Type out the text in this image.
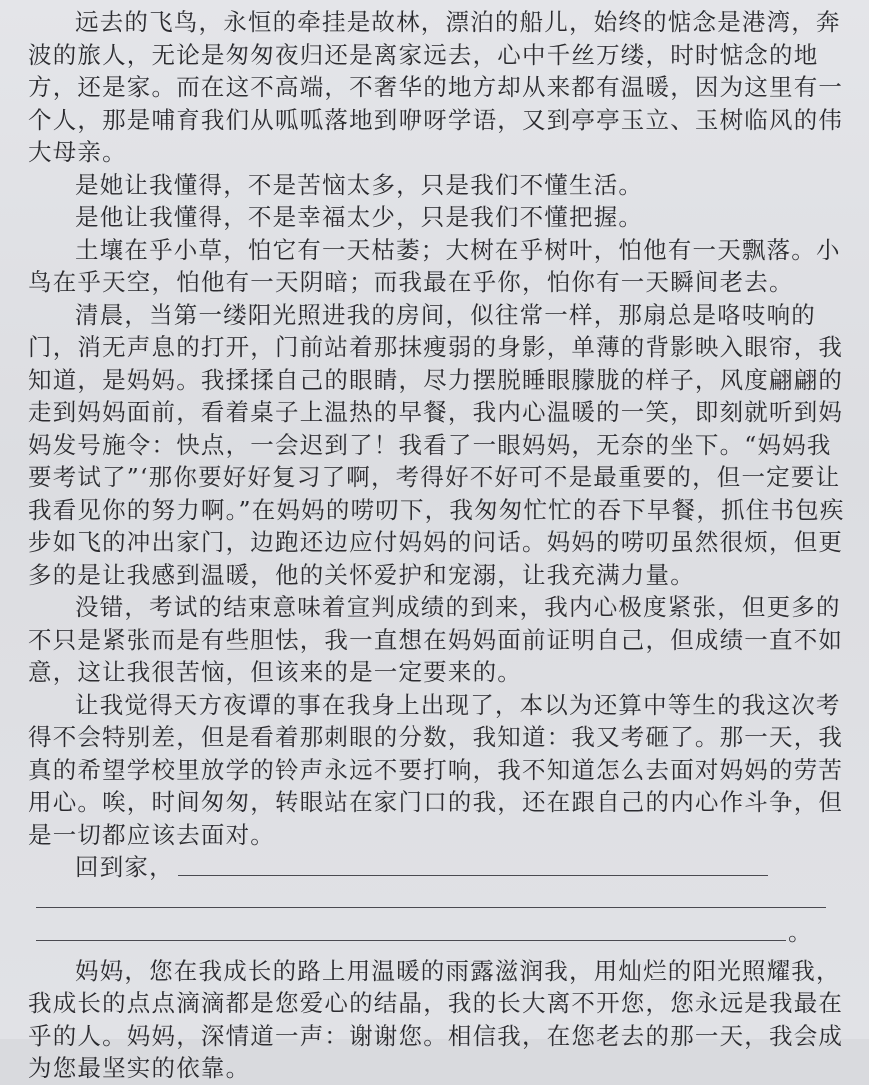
远去的飞鸟，永恒的牵挂是故林，漂泊的船儿，始终的惦念是港湾，奔波的旅人，无论是匆匆夜归还是离家远去，心中千丝万缕，时时惦念的地方，还是家。而在这不高端，不奢华的地方却从来都有温暖，因为这里有一个人，那是哺育我们从呱呱落地到咿呀学语，又到亭亭玉立、玉树临风的伟大母亲。

是她让我懂得，不是苦恼太多，只是我们不懂生活。

是他让我懂得，不是幸福太少，只是我们不懂把握。

土壤在乎小草，怕它有一天枯萎；大树在乎树叶，怕他有一天飘落。小鸟在乎天空，怕他有一天阴暗；而我最在乎你，怕你有一天瞬间老去。

清晨，当第一缕阳光照进我的房间，似往常一样，那扇总是咯吱响的门，消无声息的打开，门前站着那抹瘦弱的身影，单薄的背影映入眼帘，我知道，是妈妈。我揉揉自己的眼睛，尽力摆脱睡眼朦胧的样子，风度翩翩的走到妈妈面前，看着桌子上温热的早餐，我内心温暖的一笑，即刻就听到妈妈发号施令：快点，一会迟到了！我看了一眼妈妈，无奈的坐下。“妈妈我要考试了”‘那你要好好复习了啊，考得好不好可不是最重要的，但一定要让我看见你的努力啊。”在妈妈的唠叨下，我匆匆忙忙的吞下早餐，抓住书包疾步如飞的冲出家门，边跑还边应付妈妈的问话。妈妈的唠叨虽然很烦，但更多的是让我感到温暖，他的关怀爱护和宠溺，让我充满力量。

没错，考试的结束意味着宣判成绩的到来，我内心极度紧张，但更多的不只是紧张而是有些胆怯，我一直想在妈妈面前证明自己，但成绩一直不如意，这让我很苦恼，但该来的是一定要来的。

让我觉得天方夜谭的事在我身上出现了，本以为还算中等生的我这次考得不会特别差，但是看着那刺眼的分数，我知道：我又考砸了。那一天，我真的希望学校里放学的铃声永远不要打响，我不知道怎么去面对妈妈的劳苦用心。唉，时间匆匆，转眼站在家门口的我，还在跟自己的内心作斗争，但是一切都应该去面对。

回到家，
。

妈妈，您在我成长的路上用温暖的雨露滋润我，用灿烂的阳光照耀我，我成长的点点滴滴都是您爱心的结晶，我的长大离不开您，您永远是我最在乎的人。妈妈，深情道一声：谢谢您。相信我，在您老去的那一天，我会成为您最坚实的依靠。
